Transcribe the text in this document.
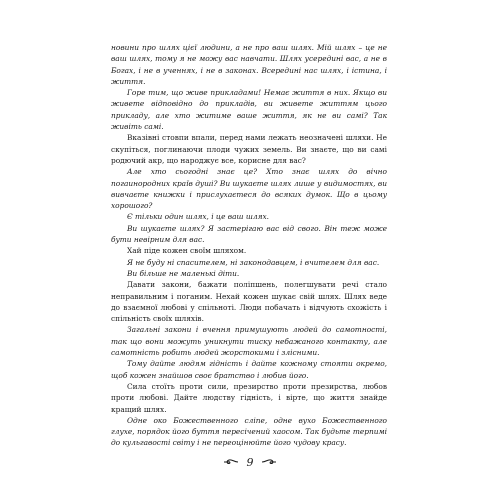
новини про шлях цієї людини, а не про ваш шлях. Мій шлях – це не ваш шлях, тому я не можу вас навчати. Шлях усередині вас, а не в Богах, і не в ученнях, і не в законах. Всередині нас шлях, і істина, і життя.

Горе тим, що живе прикладами! Немає життя в них. Якщо ви живете відповідно до прикладів, ви живете життям цього прикладу, але хто житиме ваше життя, як не ви самі? Так живіть самі.

Вказівні стовпи впали, перед нами лежать неозначені шляхи. Не скупіться, поглинаючи плоди чужих земель. Ви знаєте, що ви самі родючий акр, що народжує все, корисне для вас?

Але хто сьогодні знає це? Хто знає шлях до вічно погаинородних країв душі? Ви шукаєте шлях лише у видимостях, ви вивчаєте книжки і прислухаєтеся до всяких думок. Що в цьому хорошого?

Є тільки один шлях, і це ваш шлях.

Ви шукаєте шлях? Я застерігаю вас від свого. Він теж може бути невірним для вас.

Хай піде кожен своїм шляхом.

Я не буду ні спасителем, ні законодавцем, і вчителем для вас.

Ви більше не маленькі діти.

Давати закони, бажати поліпшень, полегшувати речі стало неправильним і поганим. Нехай кожен шукає свій шлях. Шлях веде до взаємної любові у спільноті. Люди побачать і відчують схожість і спільність своїх шляхів.

Загальні закони і вчення примушують людей до самотності, так що вони можуть уникнути тиску небажаного контакту, але самотність робить людей жорстокими і злісними.

Тому дайте людям гідність і дайте кожному стояти окремо, щоб кожен знайшов своє братство і любив його.

Сила стоїть проти сили, презирство проти презирства, любов проти любові. Дайте людству гідність, і вірте, що життя знайде кращий шлях.

Одне око Божественного сліпе, одне вухо Божественного глухе, порядок його буття пересічений хаосом. Так будьте терпимі до кульгавості світу і не переоцінюйте його чудову красу.

9
